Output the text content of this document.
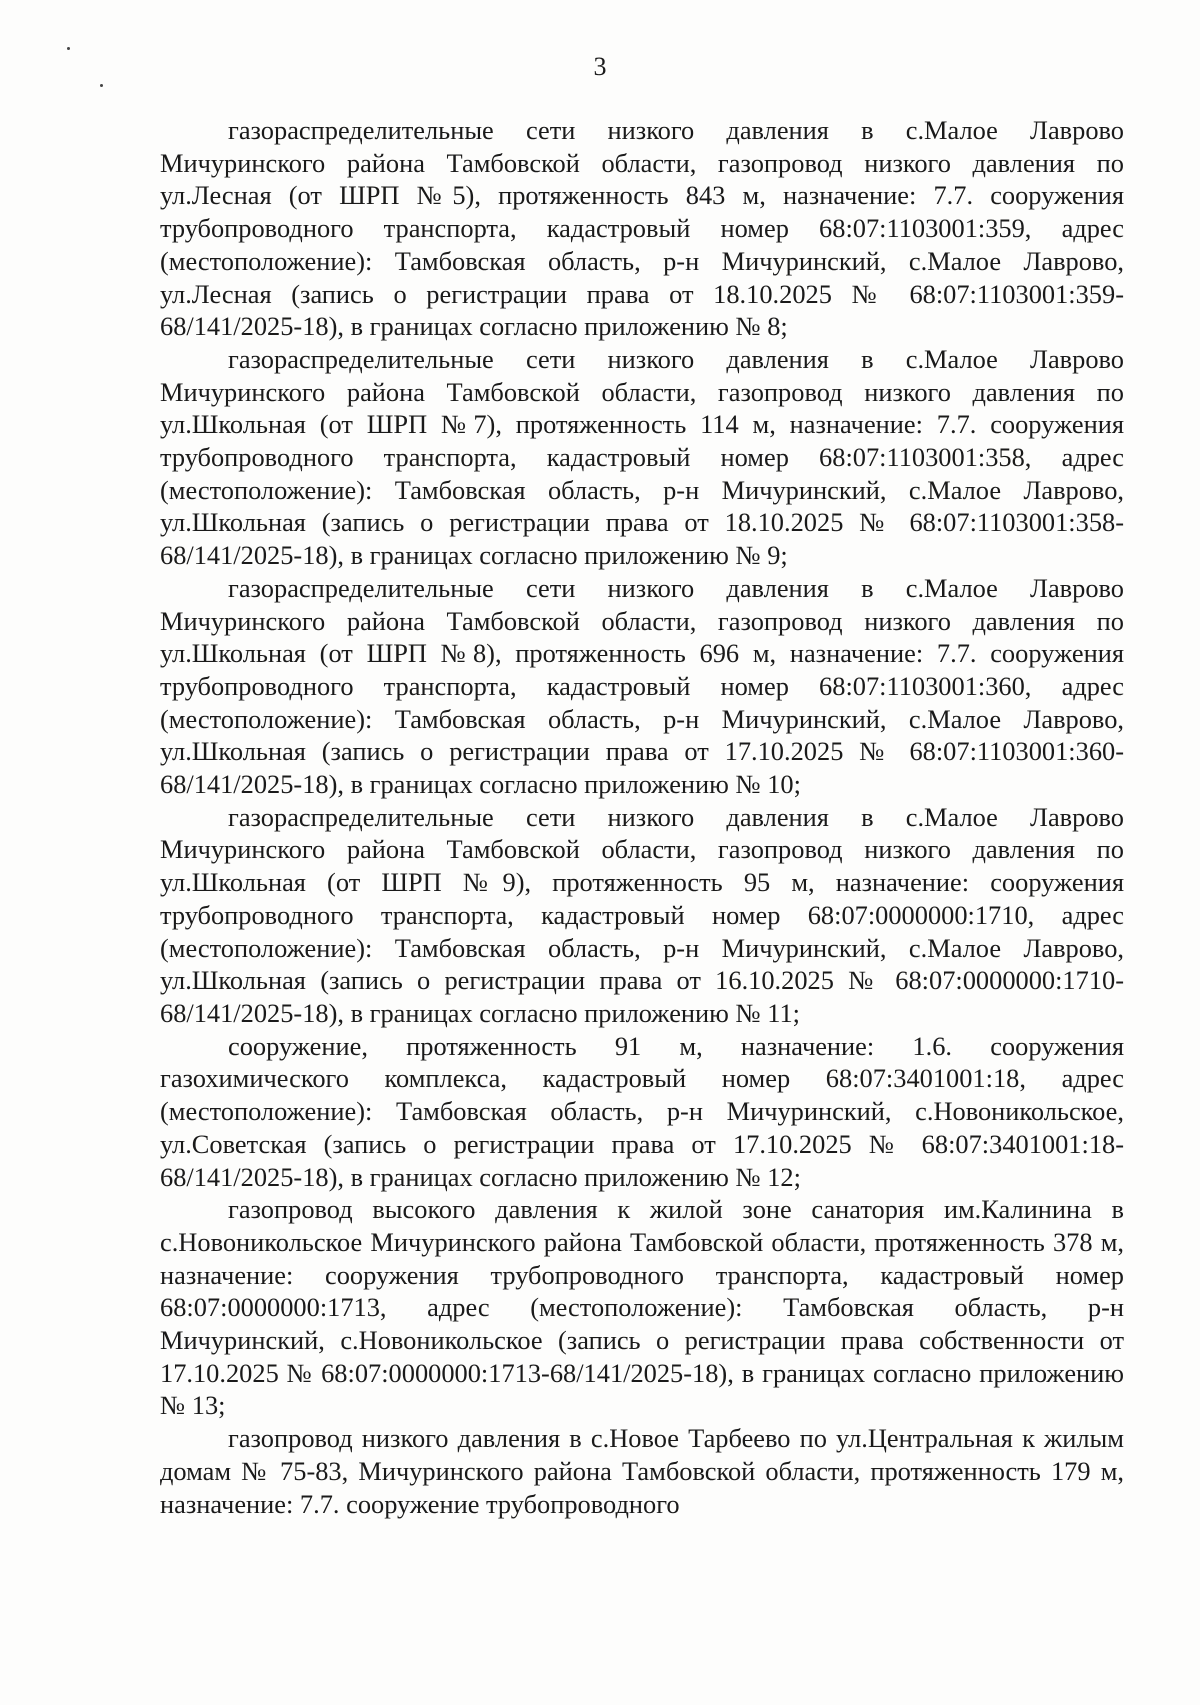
3

газораспределительные сети низкого давления в с.Малое Лаврово Мичуринского района Тамбовской области, газопровод низкого давления по ул.Лесная (от ШРП №5), протяженность 843 м, назначение: 7.7. сооружения трубопроводного транспорта, кадастровый номер 68:07:1103001:359, адрес (местоположение): Тамбовская область, р-н Мичуринский, с.Малое Лаврово, ул.Лесная (запись о регистрации права от 18.10.2025 № 68:07:1103001:359-68/141/2025-18), в границах согласно приложению № 8;

газораспределительные сети низкого давления в с.Малое Лаврово Мичуринского района Тамбовской области, газопровод низкого давления по ул.Школьная (от ШРП №7), протяженность 114 м, назначение: 7.7. сооружения трубопроводного транспорта, кадастровый номер 68:07:1103001:358, адрес (местоположение): Тамбовская область, р-н Мичуринский, с.Малое Лаврово, ул.Школьная (запись о регистрации права от 18.10.2025 № 68:07:1103001:358-68/141/2025-18), в границах согласно приложению № 9;

газораспределительные сети низкого давления в с.Малое Лаврово Мичуринского района Тамбовской области, газопровод низкого давления по ул.Школьная (от ШРП №8), протяженность 696 м, назначение: 7.7. сооружения трубопроводного транспорта, кадастровый номер 68:07:1103001:360, адрес (местоположение): Тамбовская область, р-н Мичуринский, с.Малое Лаврово, ул.Школьная (запись о регистрации права от 17.10.2025 № 68:07:1103001:360-68/141/2025-18), в границах согласно приложению № 10;

газораспределительные сети низкого давления в с.Малое Лаврово Мичуринского района Тамбовской области, газопровод низкого давления по ул.Школьная (от ШРП №9), протяженность 95 м, назначение: сооружения трубопроводного транспорта, кадастровый номер 68:07:0000000:1710, адрес (местоположение): Тамбовская область, р-н Мичуринский, с.Малое Лаврово, ул.Школьная (запись о регистрации права от 16.10.2025 № 68:07:0000000:1710-68/141/2025-18), в границах согласно приложению № 11;

сооружение, протяженность 91 м, назначение: 1.6. сооружения газохимического комплекса, кадастровый номер 68:07:3401001:18, адрес (местоположение): Тамбовская область, р-н Мичуринский, с.Новоникольское, ул.Советская (запись о регистрации права от 17.10.2025 № 68:07:3401001:18-68/141/2025-18), в границах согласно приложению № 12;

газопровод высокого давления к жилой зоне санатория им.Калинина в с.Новоникольское Мичуринского района Тамбовской области, протяженность 378 м, назначение: сооружения трубопроводного транспорта, кадастровый номер 68:07:0000000:1713, адрес (местоположение): Тамбовская область, р-н Мичуринский, с.Новоникольское (запись о регистрации права собственности от 17.10.2025 № 68:07:0000000:1713-68/141/2025-18), в границах согласно приложению № 13;

газопровод низкого давления в с.Новое Тарбеево по ул.Центральная к жилым домам № 75-83, Мичуринского района Тамбовской области, протяженность 179 м, назначение: 7.7. сооружение трубопроводного
